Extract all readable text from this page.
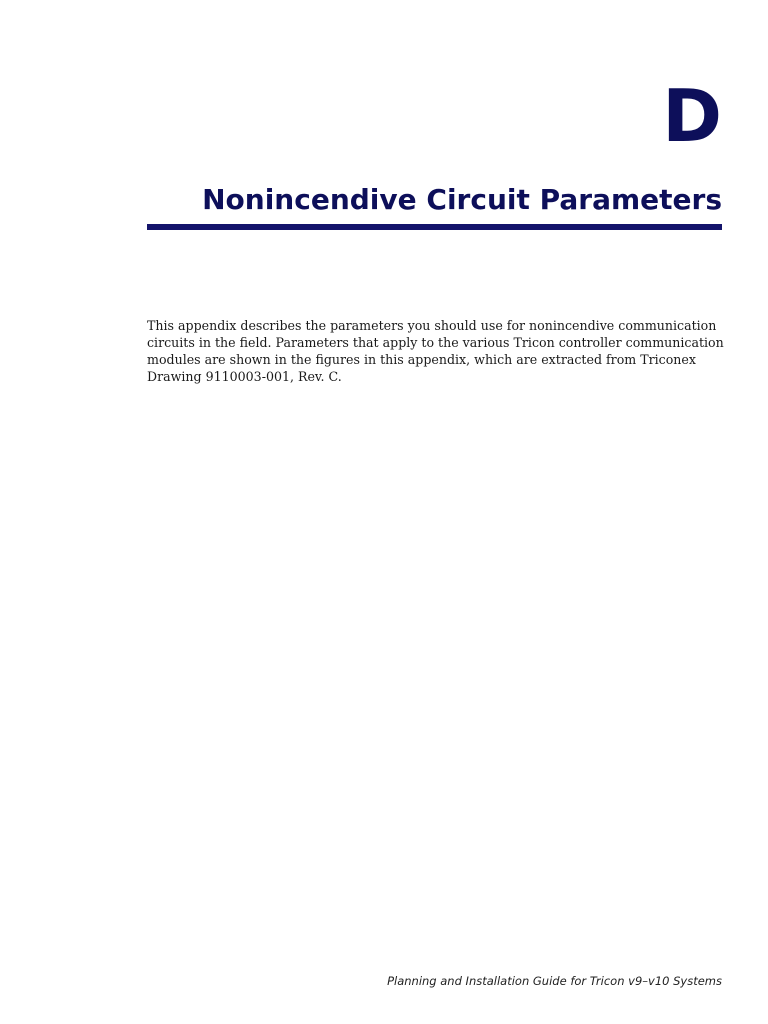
D
Nonincendive Circuit Parameters

This appendix describes the parameters you should use for nonincendive communication circuits in the field. Parameters that apply to the various Tricon controller communication modules are shown in the figures in this appendix, which are extracted from Triconex Drawing 9110003-001, Rev. C.

Planning and Installation Guide for Tricon v9–v10 Systems
